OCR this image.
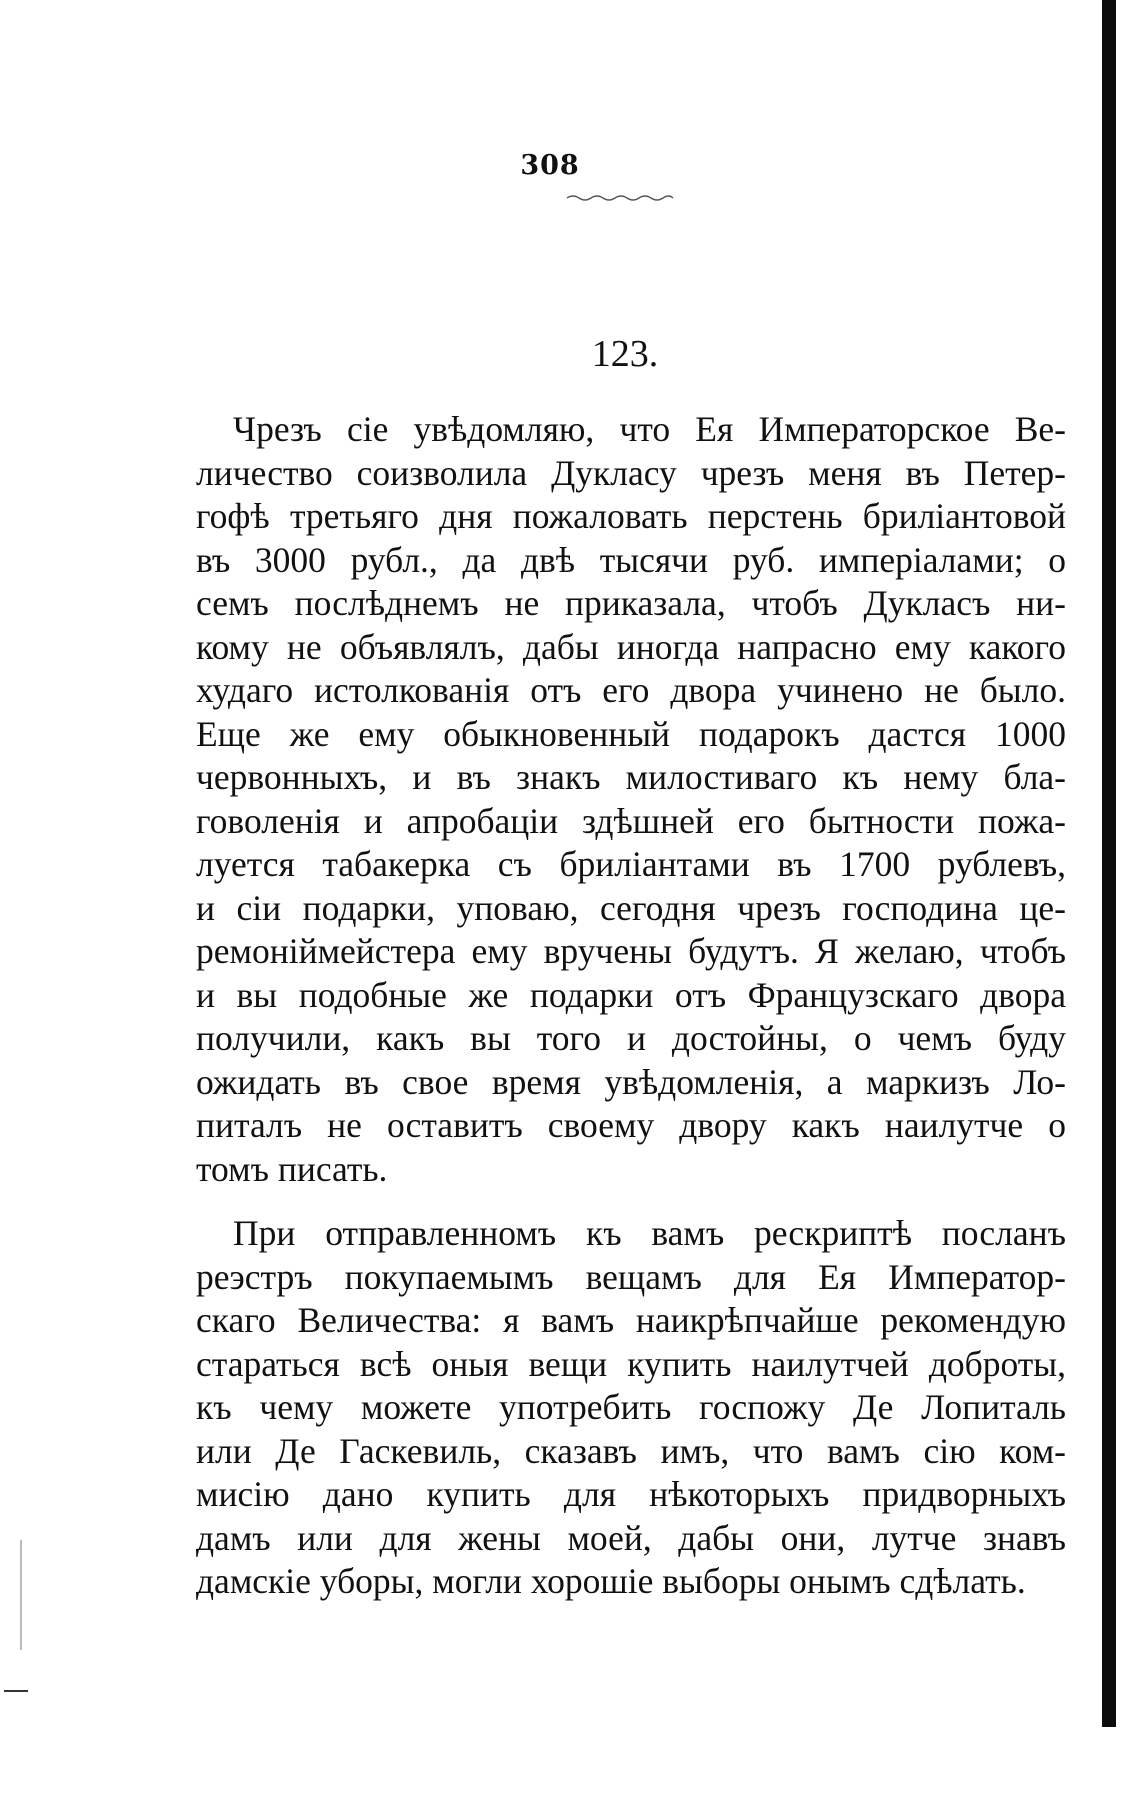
308
123.
Чрезъ сіе увѣдомляю, что Ея Императорское Ве-
личество соизволила Дукласу чрезъ меня въ Петер-
гофѣ третьяго дня пожаловать перстень бриліантовой
въ 3000 рубл., да двѣ тысячи руб. имперіалами; о
семъ послѣднемъ не приказала, чтобъ Дукласъ ни-
кому не объявлялъ, дабы иногда напрасно ему какого
худаго истолкованія отъ его двора учинено не было.
Еще же ему обыкновенный подарокъ дастся 1000
червонныхъ, и въ знакъ милостиваго къ нему бла-
говоленія и апробаціи здѣшней его бытности пожа-
луется табакерка съ бриліантами въ 1700 рублевъ,
и сіи подарки, уповаю, сегодня чрезъ господина це-
ремоніймейстера ему вручены будутъ. Я желаю, чтобъ
и вы подобные же подарки отъ Французскаго двора
получили, какъ вы того и достойны, о чемъ буду
ожидать въ свое время увѣдомленія, а маркизъ Ло-
питалъ не оставитъ своему двору какъ наилутче о
томъ писать.
При отправленномъ къ вамъ рескриптѣ посланъ
реэстръ покупаемымъ вещамъ для Ея Император-
скаго Величества: я вамъ наикрѣпчайше рекомендую
стараться всѣ оныя вещи купить наилутчей доброты,
къ чему можете употребить госпожу Де Лопиталь
или Де Гаскевиль, сказавъ имъ, что вамъ сію ком-
мисію дано купить для нѣкоторыхъ придворныхъ
дамъ или для жены моей, дабы они, лутче знавъ
дамскіе уборы, могли хорошіе выборы онымъ сдѣлать.
